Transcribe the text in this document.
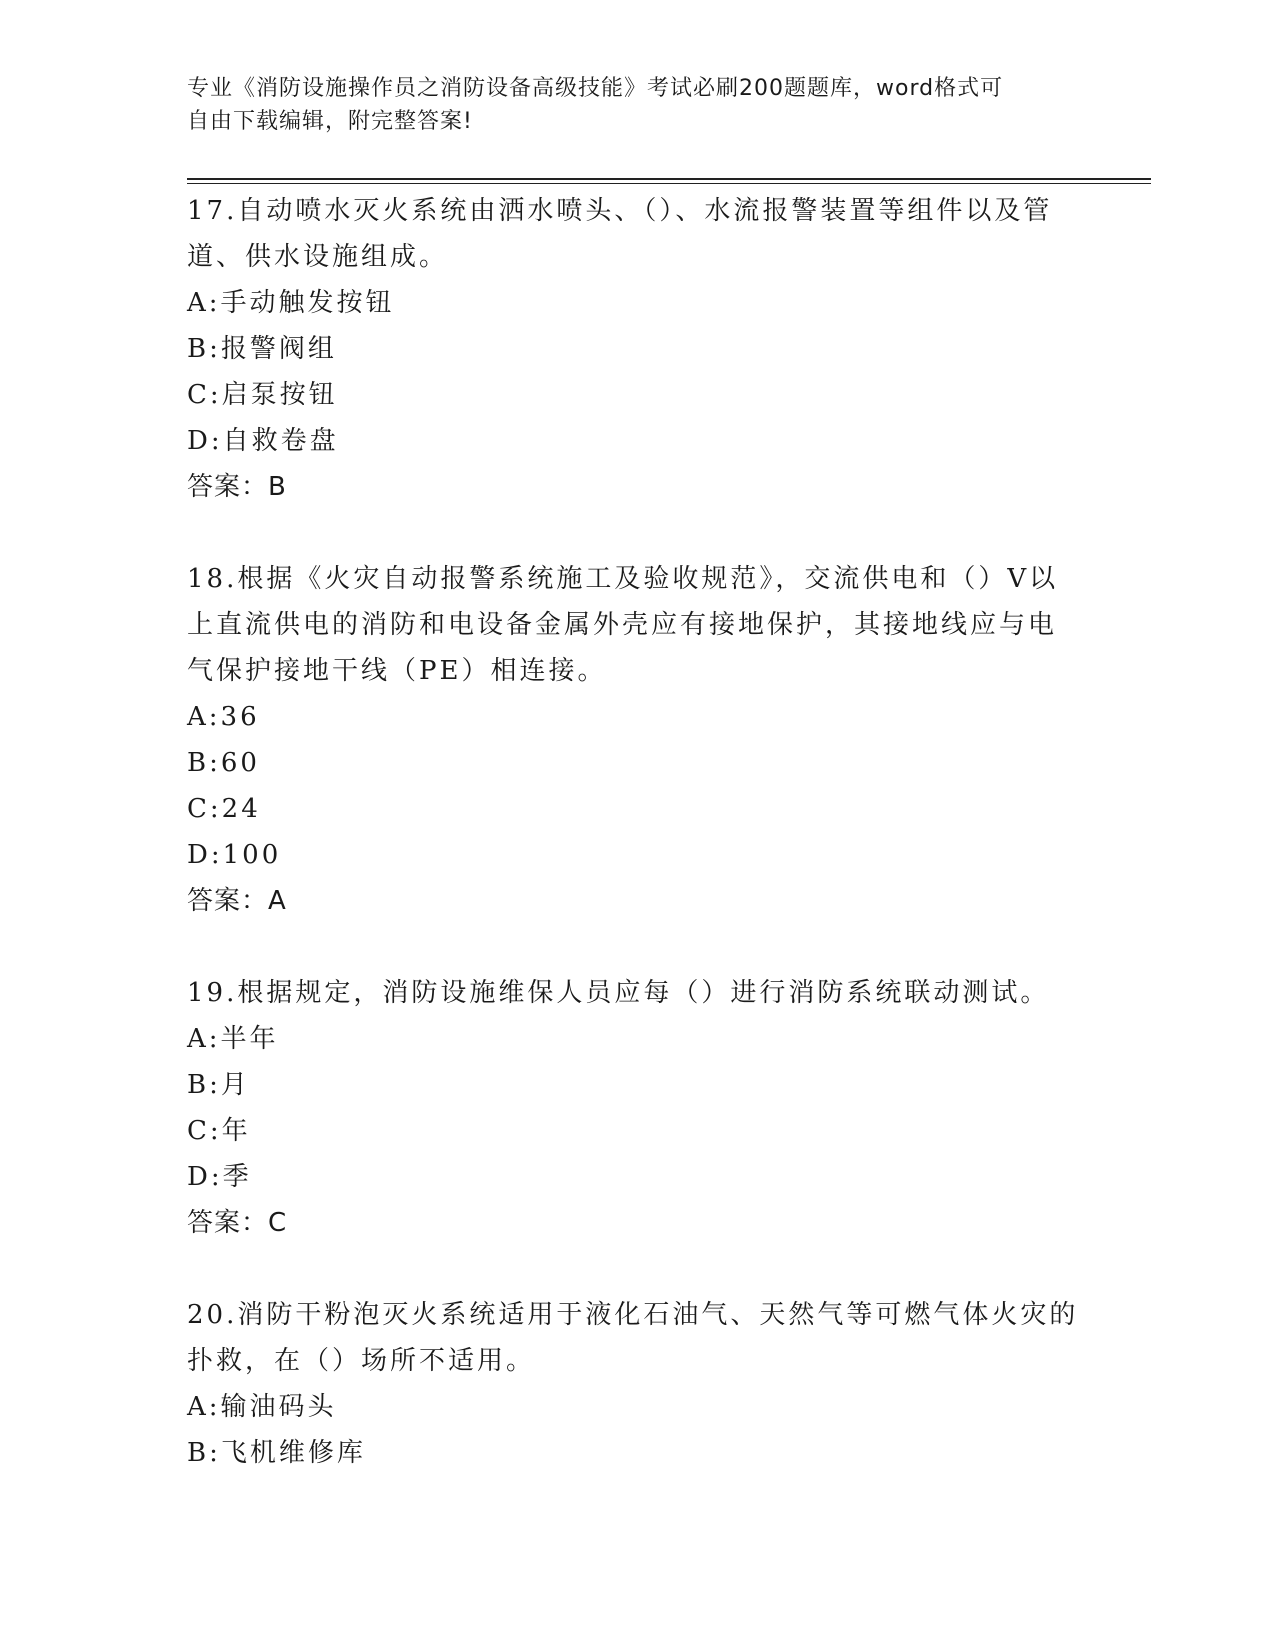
专业《消防设施操作员之消防设备高级技能》考试必刷200题题库，word格式可
自由下载编辑，附完整答案!

17.自动喷水灭火系统由洒水喷头、（）、水流报警装置等组件以及管

道、供水设施组成。

A:手动触发按钮

B:报警阀组

C:启泵按钮

D:自救卷盘

答案：B

18.根据《火灾自动报警系统施工及验收规范》，交流供电和（）V以

上直流供电的消防和电设备金属外壳应有接地保护，其接地线应与电

气保护接地干线（PE）相连接。

A:36

B:60

C:24

D:100

答案：A

19.根据规定，消防设施维保人员应每（）进行消防系统联动测试。

A:半年

B:月

C:年

D:季

答案：C

20.消防干粉泡灭火系统适用于液化石油气、天然气等可燃气体火灾的

扑救，在（）场所不适用。

A:输油码头

B:飞机维修库
